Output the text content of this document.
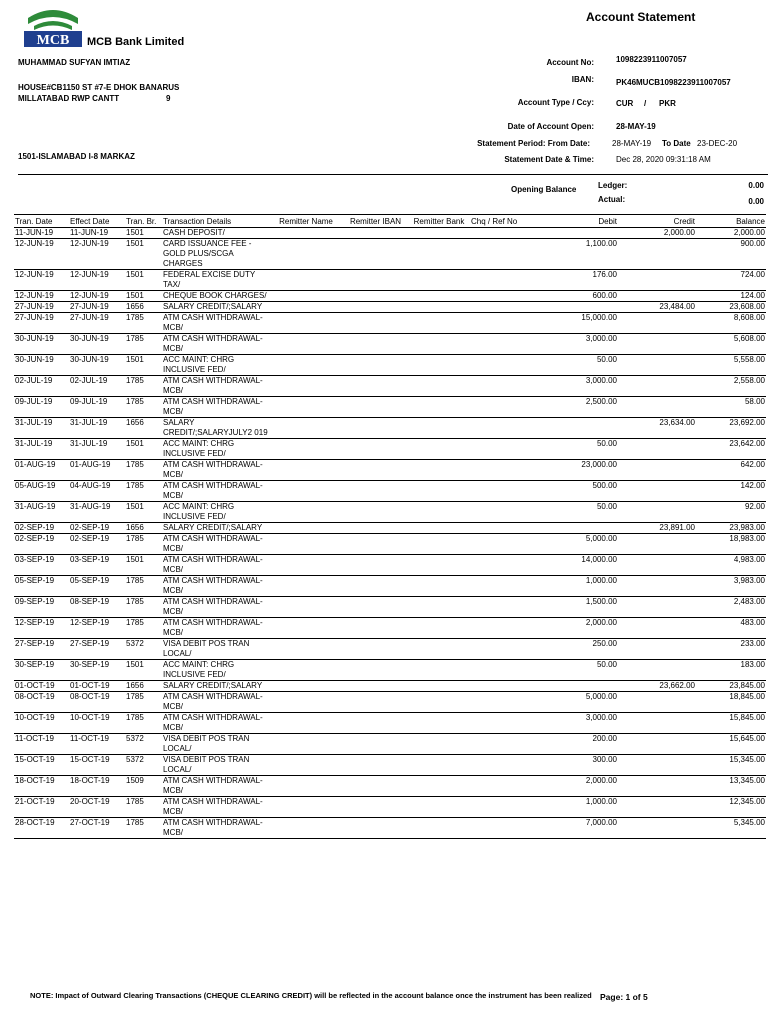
MCB MCB Bank Limited
Account Statement
MUHAMMAD SUFYAN IMTIAZ
HOUSE#CB1150 ST #7-E DHOK BANARUS
MILLATABAD RWP CANTT	9
1501-ISLAMABAD I-8 MARKAZ
Account No:	1098223911007057
IBAN:	PK46MUCB1098223911007057
Account Type / Ccy:	CUR / PKR
Date of Account Open:	28-MAY-19
Statement Period: From Date:	28-MAY-19 To Date 23-DEC-20
Statement Date & Time:	Dec 28, 2020 09:31:18 AM
Opening Balance	Ledger:	0.00
Actual:	0.00
Tran. Date	Effect Date	Tran. Br.	Transaction Details	Remitter Name	Remitter IBAN	Remitter Bank	Chq / Ref No	Debit	Credit	Balance
11-JUN-19	11-JUN-19	1501	CASH DEPOSIT/						2,000.00	2,000.00
12-JUN-19	12-JUN-19	1501	CARD ISSUANCE FEE - GOLD PLUS/SCGA CHARGES					1,100.00		900.00
12-JUN-19	12-JUN-19	1501	FEDERAL EXCISE DUTY TAX/					176.00		724.00
12-JUN-19	12-JUN-19	1501	CHEQUE BOOK CHARGES/					600.00		124.00
27-JUN-19	27-JUN-19	1656	SALARY CREDIT/;SALARY						23,484.00	23,608.00
27-JUN-19	27-JUN-19	1785	ATM CASH WITHDRAWAL-MCB/					15,000.00		8,608.00
30-JUN-19	30-JUN-19	1785	ATM CASH WITHDRAWAL-MCB/					3,000.00		5,608.00
30-JUN-19	30-JUN-19	1501	ACC MAINT: CHRG INCLUSIVE FED/					50.00		5,558.00
02-JUL-19	02-JUL-19	1785	ATM CASH WITHDRAWAL-MCB/					3,000.00		2,558.00
09-JUL-19	09-JUL-19	1785	ATM CASH WITHDRAWAL-MCB/					2,500.00		58.00
31-JUL-19	31-JUL-19	1656	SALARY CREDIT/;SALARYJULY2 019						23,634.00	23,692.00
31-JUL-19	31-JUL-19	1501	ACC MAINT: CHRG INCLUSIVE FED/					50.00		23,642.00
01-AUG-19	01-AUG-19	1785	ATM CASH WITHDRAWAL-MCB/					23,000.00		642.00
05-AUG-19	04-AUG-19	1785	ATM CASH WITHDRAWAL-MCB/					500.00		142.00
31-AUG-19	31-AUG-19	1501	ACC MAINT: CHRG INCLUSIVE FED/					50.00		92.00
02-SEP-19	02-SEP-19	1656	SALARY CREDIT/;SALARY						23,891.00	23,983.00
02-SEP-19	02-SEP-19	1785	ATM CASH WITHDRAWAL-MCB/					5,000.00		18,983.00
03-SEP-19	03-SEP-19	1501	ATM CASH WITHDRAWAL-MCB/					14,000.00		4,983.00
05-SEP-19	05-SEP-19	1785	ATM CASH WITHDRAWAL-MCB/					1,000.00		3,983.00
09-SEP-19	08-SEP-19	1785	ATM CASH WITHDRAWAL-MCB/					1,500.00		2,483.00
12-SEP-19	12-SEP-19	1785	ATM CASH WITHDRAWAL-MCB/					2,000.00		483.00
27-SEP-19	27-SEP-19	5372	VISA DEBIT POS TRAN LOCAL/					250.00		233.00
30-SEP-19	30-SEP-19	1501	ACC MAINT: CHRG INCLUSIVE FED/					50.00		183.00
01-OCT-19	01-OCT-19	1656	SALARY CREDIT/;SALARY						23,662.00	23,845.00
08-OCT-19	08-OCT-19	1785	ATM CASH WITHDRAWAL-MCB/					5,000.00		18,845.00
10-OCT-19	10-OCT-19	1785	ATM CASH WITHDRAWAL-MCB/					3,000.00		15,845.00
11-OCT-19	11-OCT-19	5372	VISA DEBIT POS TRAN LOCAL/					200.00		15,645.00
15-OCT-19	15-OCT-19	5372	VISA DEBIT POS TRAN LOCAL/					300.00		15,345.00
18-OCT-19	18-OCT-19	1509	ATM CASH WITHDRAWAL-MCB/					2,000.00		13,345.00
21-OCT-19	20-OCT-19	1785	ATM CASH WITHDRAWAL-MCB/					1,000.00		12,345.00
28-OCT-19	27-OCT-19	1785	ATM CASH WITHDRAWAL-MCB/					7,000.00		5,345.00
NOTE: Impact of Outward Clearing Transactions (CHEQUE CLEARING CREDIT) will be reflected in the account balance once the instrument has been realized Page: 1 of 5
